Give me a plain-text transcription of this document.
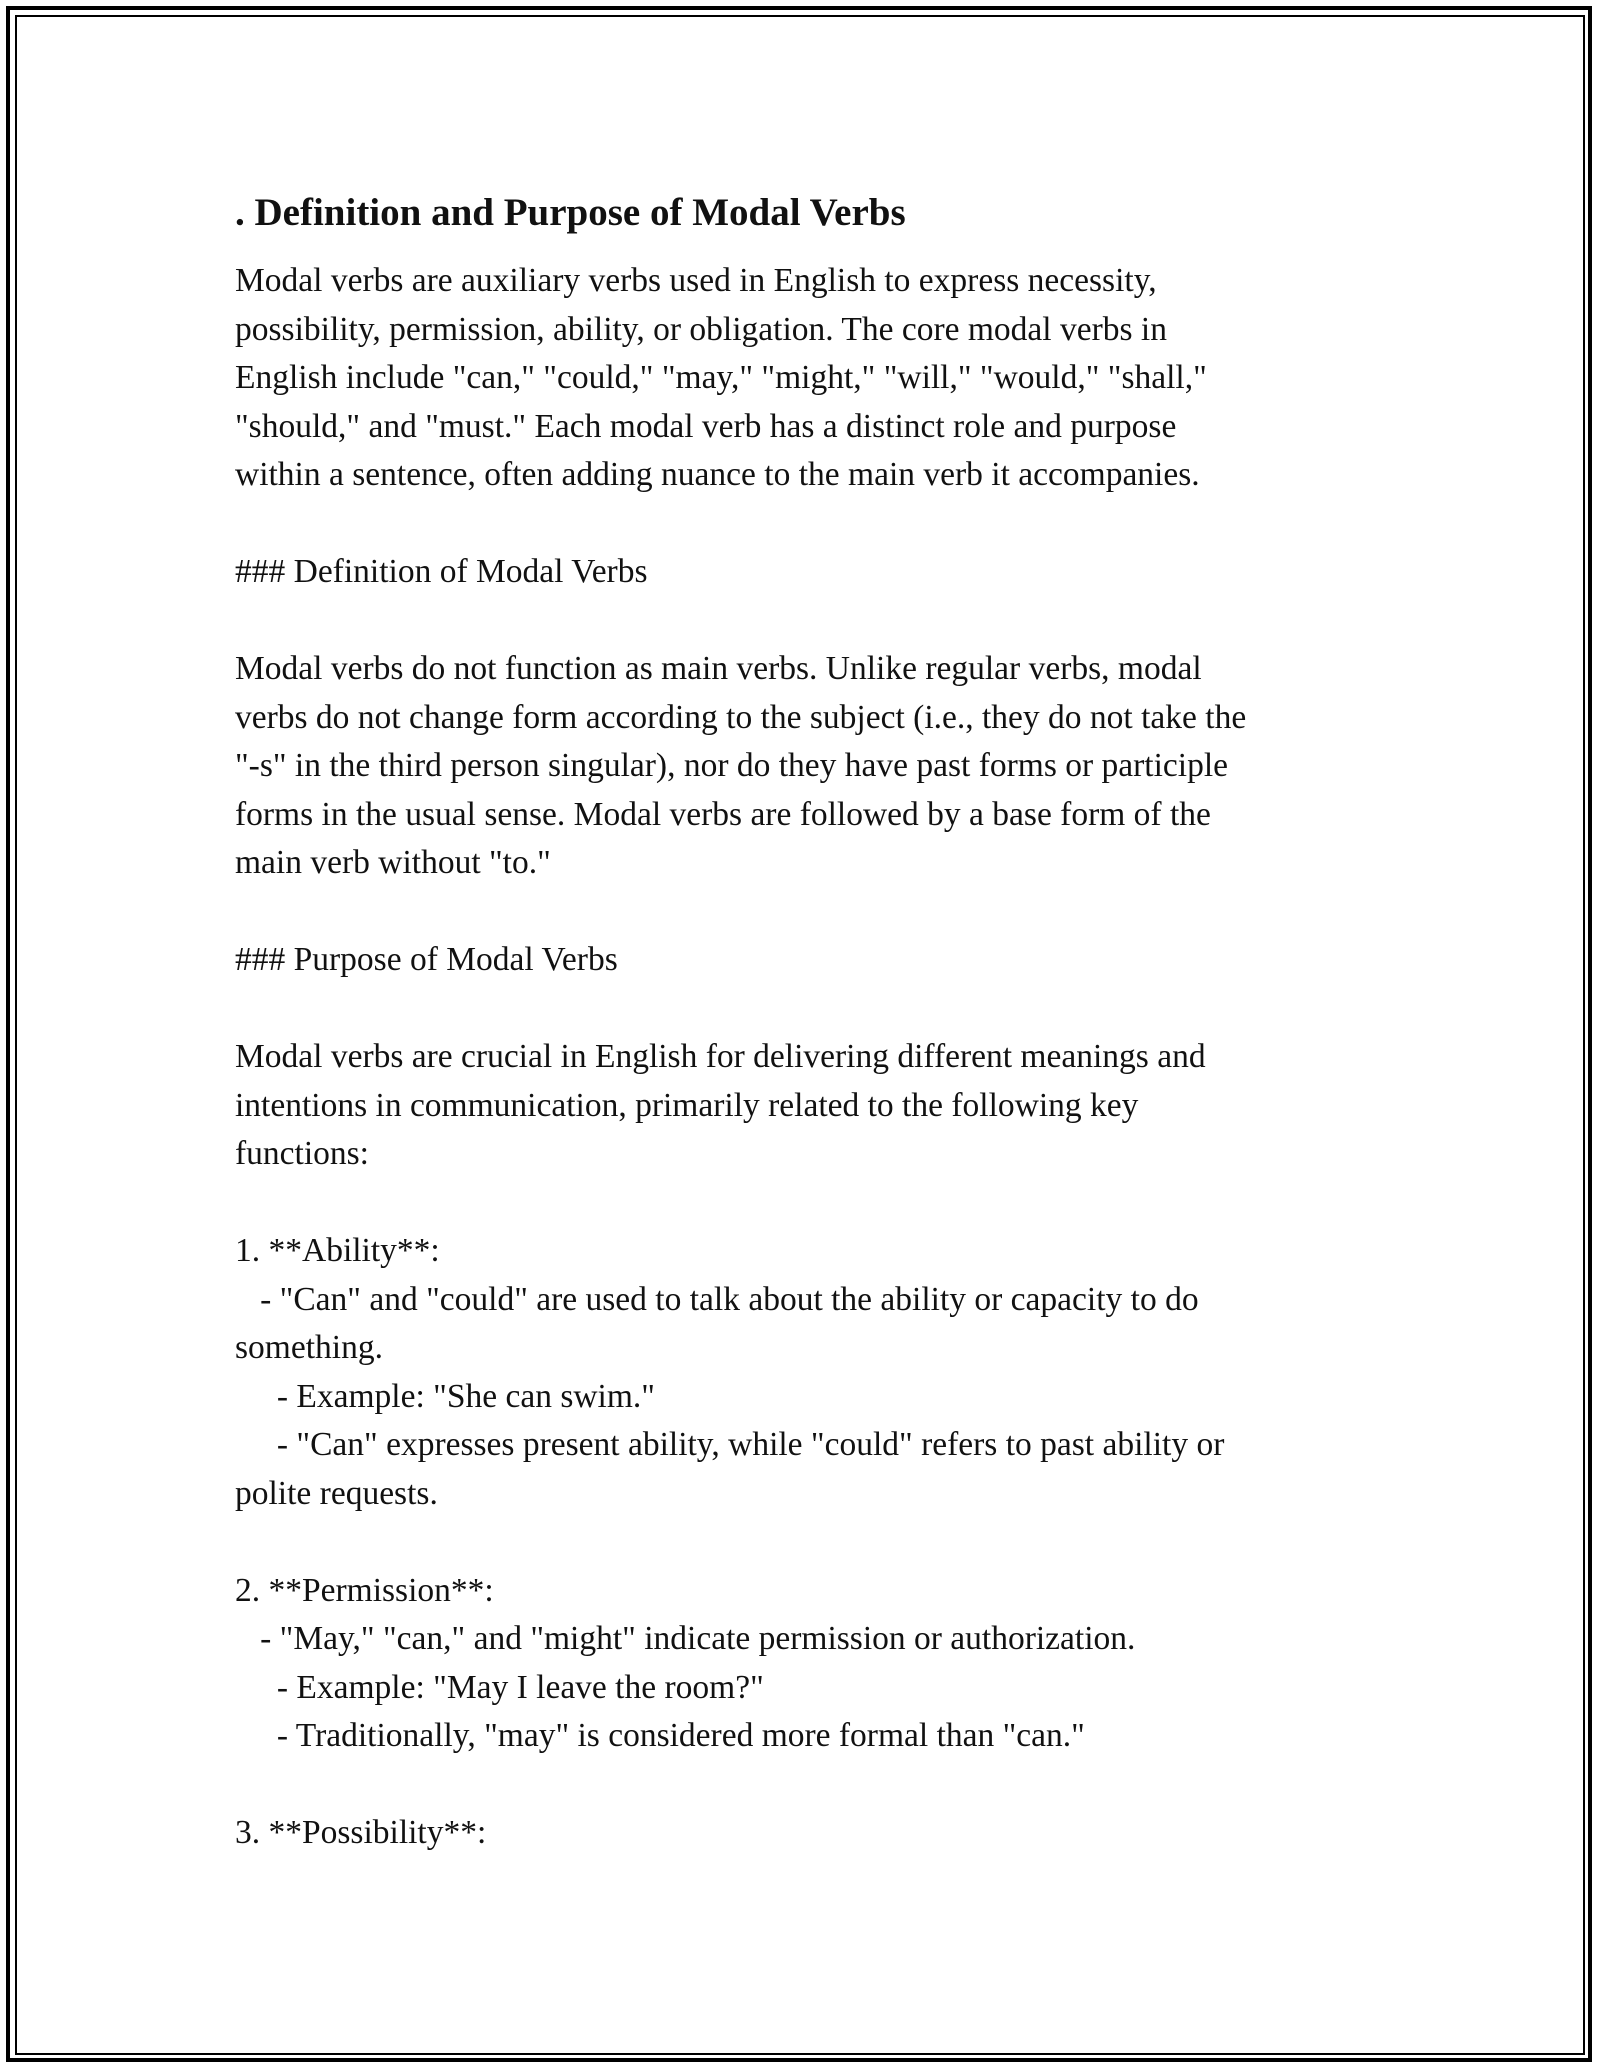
. Definition and Purpose of Modal Verbs
Modal verbs are auxiliary verbs used in English to express necessity,
possibility, permission, ability, or obligation. The core modal verbs in
English include "can," "could," "may," "might," "will," "would," "shall,"
"should," and "must." Each modal verb has a distinct role and purpose
within a sentence, often adding nuance to the main verb it accompanies.
### Definition of Modal Verbs
Modal verbs do not function as main verbs. Unlike regular verbs, modal
verbs do not change form according to the subject (i.e., they do not take the
"-s" in the third person singular), nor do they have past forms or participle
forms in the usual sense. Modal verbs are followed by a base form of the
main verb without "to."
### Purpose of Modal Verbs
Modal verbs are crucial in English for delivering different meanings and
intentions in communication, primarily related to the following key
functions:
1. **Ability**:
- "Can" and "could" are used to talk about the ability or capacity to do
something.
- Example: "She can swim."
- "Can" expresses present ability, while "could" refers to past ability or
polite requests.
2. **Permission**:
- "May," "can," and "might" indicate permission or authorization.
- Example: "May I leave the room?"
- Traditionally, "may" is considered more formal than "can."
3. **Possibility**:
